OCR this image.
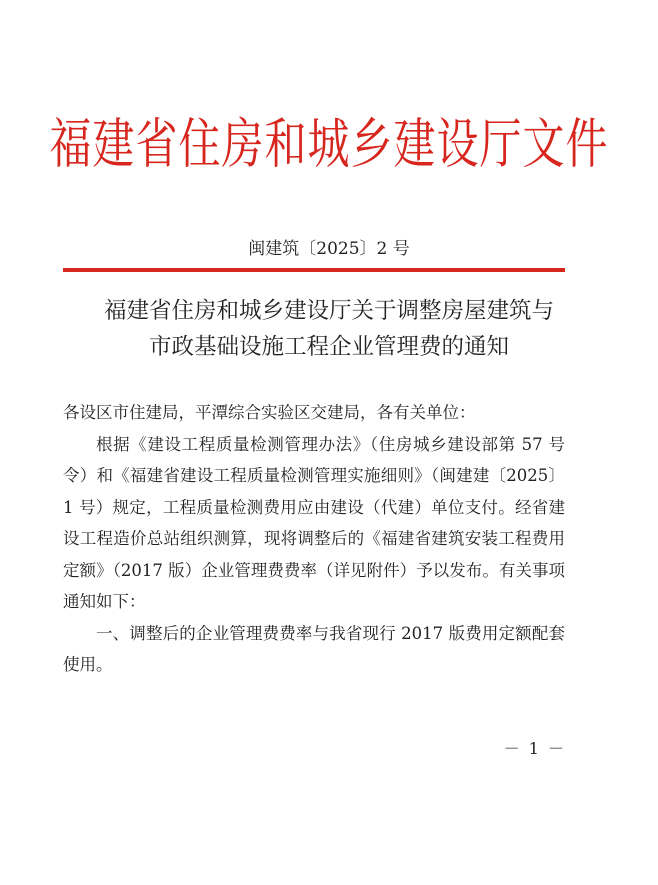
福建省住房和城乡建设厅文件
闽建筑〔2025〕2 号
福建省住房和城乡建设厅关于调整房屋建筑与
市政基础设施工程企业管理费的通知

各设区市住建局，平潭综合实验区交建局，各有关单位：

根据《建设工程质量检测管理办法》（住房城乡建设部第 57 号令）和《福建省建设工程质量检测管理实施细则》（闽建建〔2025〕1 号）规定，工程质量检测费用应由建设（代建）单位支付。经省建设工程造价总站组织测算，现将调整后的《福建省建筑安装工程费用定额》（2017 版）企业管理费费率（详见附件）予以发布。有关事项通知如下：

一、调整后的企业管理费费率与我省现行 2017 版费用定额配套使用。

－ 1 －
